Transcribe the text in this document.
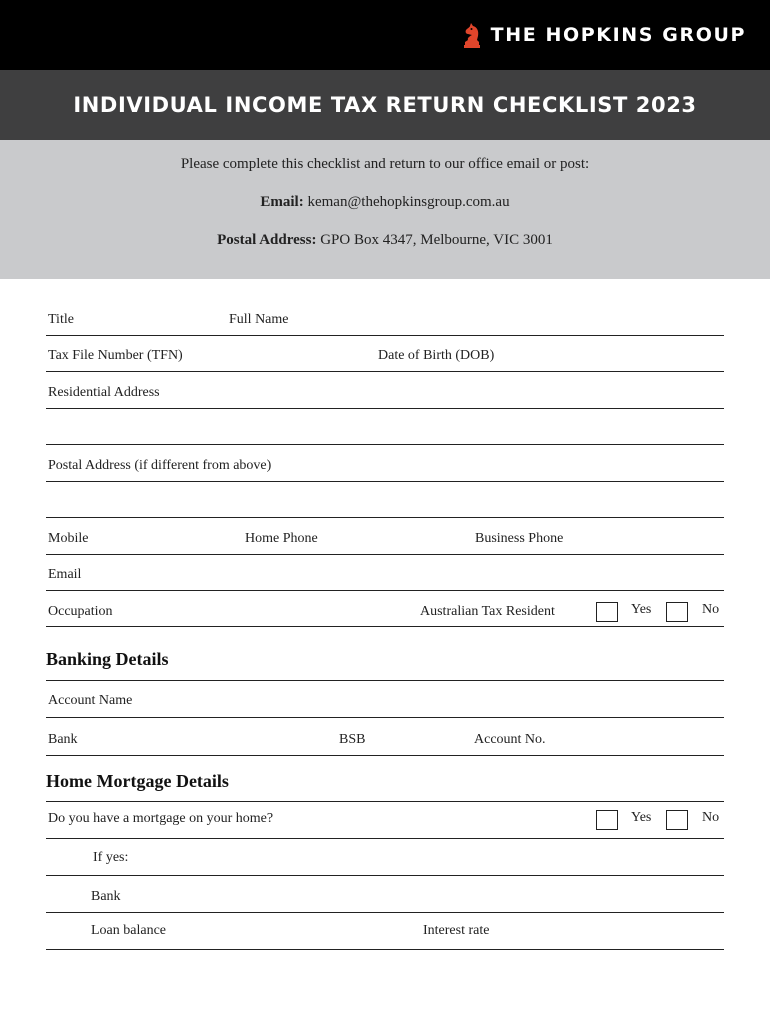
THE HOPKINS GROUP
INDIVIDUAL INCOME TAX RETURN CHECKLIST 2023
Please complete this checklist and return to our office email or post:
Email: keman@thehopkinsgroup.com.au
Postal Address: GPO Box 4347, Melbourne, VIC 3001
Title	Full Name
Tax File Number (TFN)	Date of Birth (DOB)
Residential Address
Postal Address (if different from above)
Mobile	Home Phone	Business Phone
Email
Occupation	Australian Tax Resident	Yes	No
Banking Details
Account Name
Bank	BSB	Account No.
Home Mortgage Details
Do you have a mortgage on your home?	Yes	No
If yes:
Bank
Loan balance	Interest rate
